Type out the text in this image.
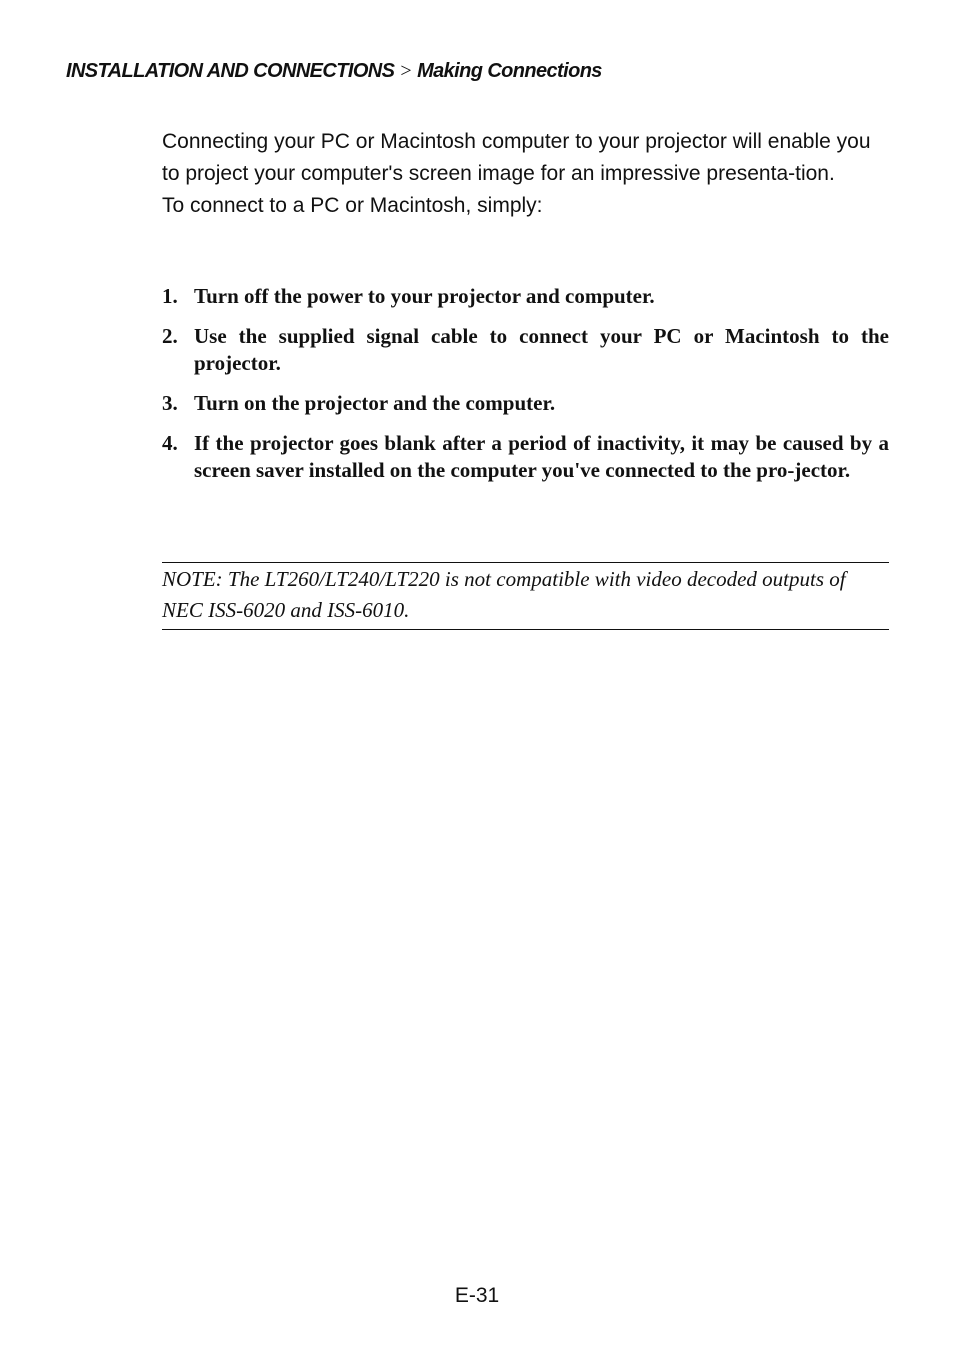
INSTALLATION AND CONNECTIONS > Making Connections

Connecting your PC or Macintosh computer to your projector will enable you to project your computer's screen image for an impressive presenta-tion.

To connect to a PC or Macintosh, simply:

1. Turn off the power to your projector and computer.
2. Use the supplied signal cable to connect your PC or Macintosh to the projector.
3. Turn on the projector and the computer.
4. If the projector goes blank after a period of inactivity, it may be caused by a screen saver installed on the computer you've connected to the pro-jector.
NOTE: The LT260/LT240/LT220 is not compatible with video decoded outputs of NEC ISS-6020 and ISS-6010.
E-31
